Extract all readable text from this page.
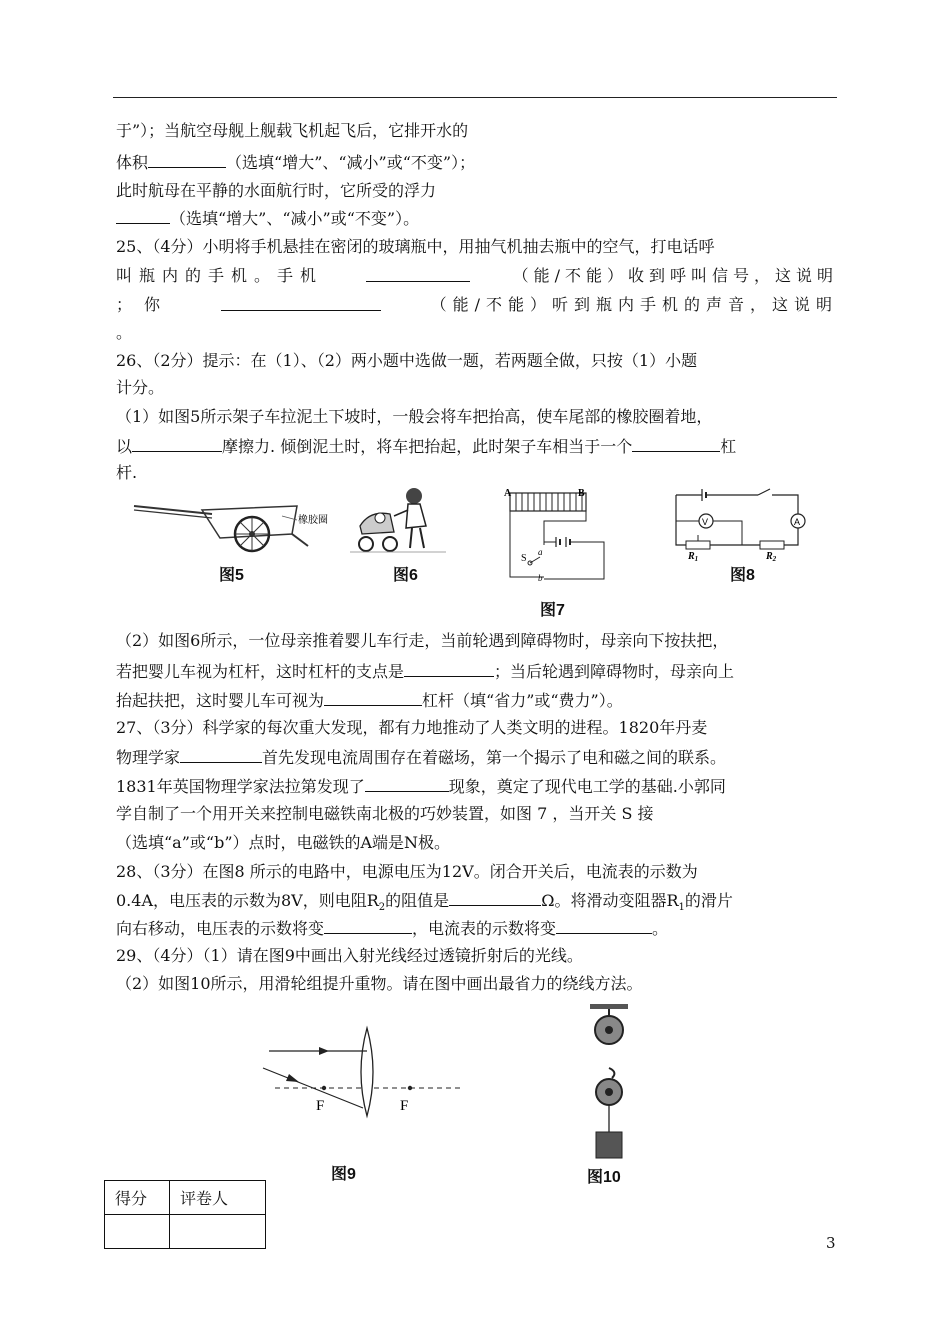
于”）；当航空母舰上舰载飞机起飞后，它排开水的
体积	（选填“增大”、“减小”或“不变”）；
此时航母在平静的水面航行时，它所受的浮力
（选填“增大”、“减小”或“不变”）。
25、（4分）小明将手机悬挂在密闭的玻璃瓶中，用抽气机抽去瓶中的空气，打电话呼
叫瓶内的手机。手机	（能/不能）收到呼叫信号，这说明
；你	（能/不能）听到瓶内手机的声音，这说明
。
26、（2分）提示：在（1）、（2）两小题中选做一题，若两题全做，只按（1）小题
计分。
（1）如图5所示架子车拉泥土下坡时，一般会将车把抬高，使车尾部的橡胶圈着地，
以	摩擦力. 倾倒泥土时，将车把抬起，此时架子车相当于一个	杠
杆.
橡胶圈
图5	图6
A	B
S
a
b
图7
V	A
$R_1$	$R_2$
图8
（2）如图6所示，一位母亲推着婴儿车行走，当前轮遇到障碍物时，母亲向下按扶把，
若把婴儿车视为杠杆，这时杠杆的支点是	；当后轮遇到障碍物时，母亲向上
抬起扶把，这时婴儿车可视为	杠杆（填“省力”或“费力”）。
27、（3分）科学家的每次重大发现，都有力地推动了人类文明的进程。1820年丹麦
物理学家	首先发现电流周围存在着磁场，第一个揭示了电和磁之间的联系。
1831年英国物理学家法拉第发现了	现象，奠定了现代电工学的基础.小郭同
学自制了一个用开关来控制电磁铁南北极的巧妙装置，如图 7 ，当开关 S 接
（选填“a”或“b”）点时，电磁铁的A端是N极。
28、（3分）在图8 所示的电路中，电源电压为12V。闭合开关后，电流表的示数为
0.4A，电压表的示数为8V，则电阻$R_2$的阻值是	Ω。将滑动变阻器$R_1$的滑片
向右移动，电压表的示数将变	，电流表的示数将变	。
29、（4分）（1）请在图9中画出入射光线经过透镜折射后的光线。
（2）如图10所示，用滑轮组提升重物。请在图中画出最省力的绕线方法。
F	F
图9	图10
得分	评卷人

3
